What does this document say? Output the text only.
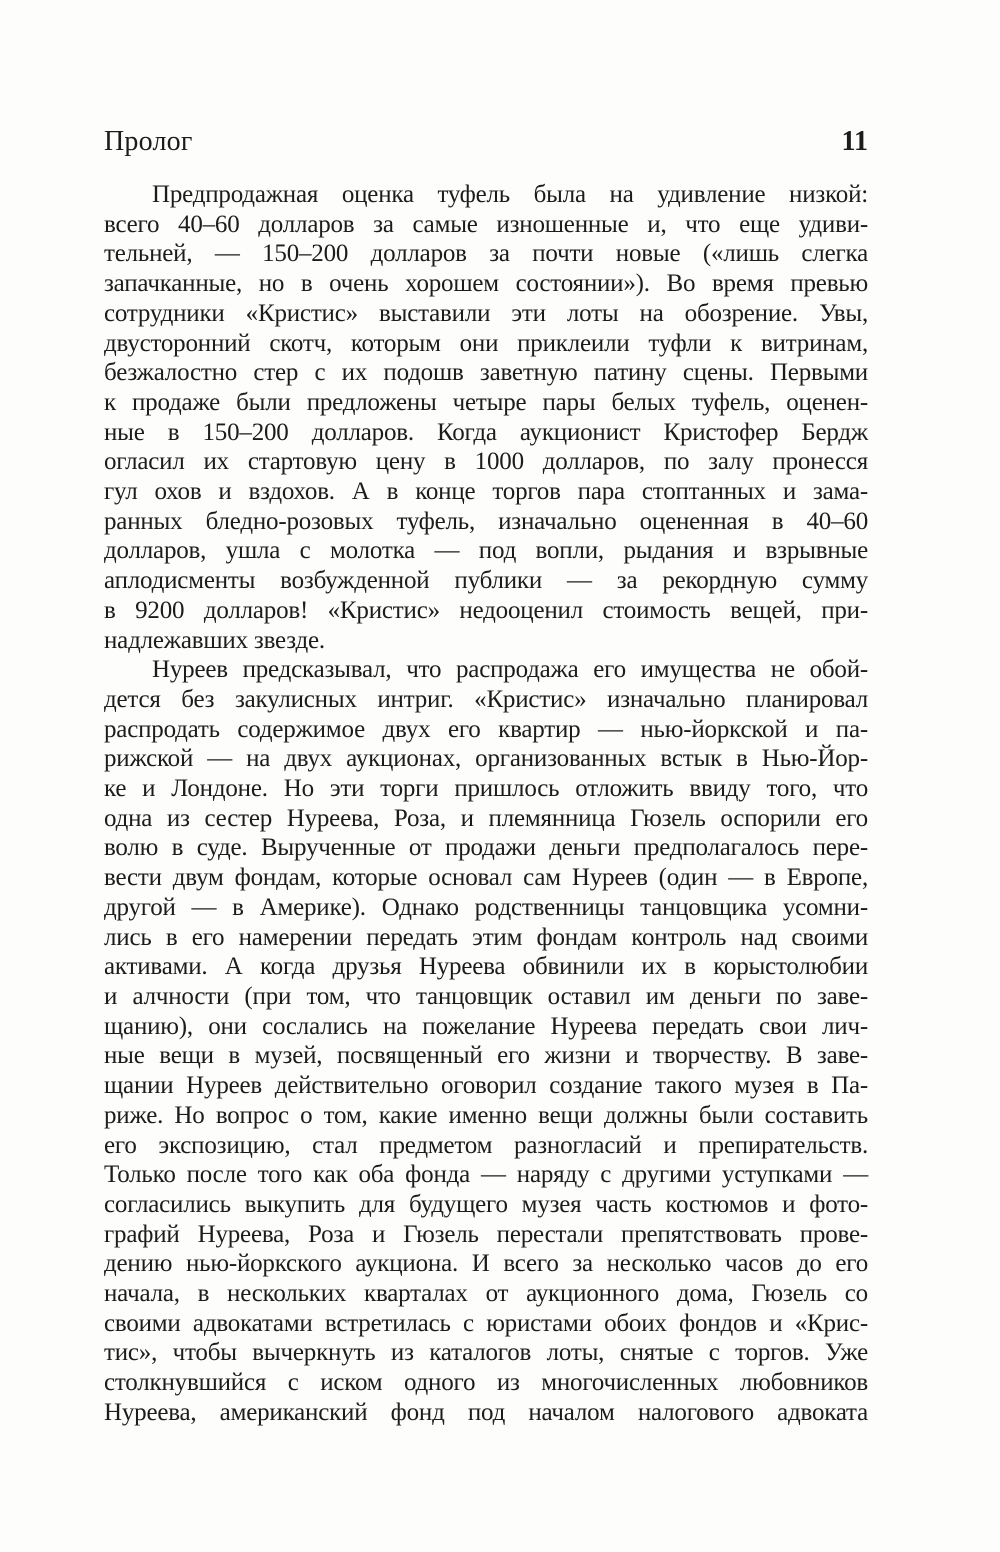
Пролог	11
Предпродажная оценка туфель была на удивление низкой:
всего 40–60 долларов за самые изношенные и, что еще удиви-
тельней, — 150–200 долларов за почти новые («лишь слегка
запачканные, но в очень хорошем состоянии»). Во время превью
сотрудники «Кристис» выставили эти лоты на обозрение. Увы,
двусторонний скотч, которым они приклеили туфли к витринам,
безжалостно стер с их подошв заветную патину сцены. Первыми
к продаже были предложены четыре пары белых туфель, оценен-
ные в 150–200 долларов. Когда аукционист Кристофер Бердж
огласил их стартовую цену в 1000 долларов, по залу пронесся
гул охов и вздохов. А в конце торгов пара стоптанных и зама-
ранных бледно-розовых туфель, изначально оцененная в 40–60
долларов, ушла с молотка — под вопли, рыдания и взрывные
аплодисменты возбужденной публики — за рекордную сумму
в 9200 долларов! «Кристис» недооценил стоимость вещей, при-
надлежавших звезде.
Нуреев предсказывал, что распродажа его имущества не обой-
дется без закулисных интриг. «Кристис» изначально планировал
распродать содержимое двух его квартир — нью-йоркской и па-
рижской — на двух аукционах, организованных встык в Нью-Йор-
ке и Лондоне. Но эти торги пришлось отложить ввиду того, что
одна из сестер Нуреева, Роза, и племянница Гюзель оспорили его
волю в суде. Вырученные от продажи деньги предполагалось пере-
вести двум фондам, которые основал сам Нуреев (один — в Европе,
другой — в Америке). Однако родственницы танцовщика усомни-
лись в его намерении передать этим фондам контроль над своими
активами. А когда друзья Нуреева обвинили их в корыстолюбии
и алчности (при том, что танцовщик оставил им деньги по заве-
щанию), они сослались на пожелание Нуреева передать свои лич-
ные вещи в музей, посвященный его жизни и творчеству. В заве-
щании Нуреев действительно оговорил создание такого музея в Па-
риже. Но вопрос о том, какие именно вещи должны были составить
его экспозицию, стал предметом разногласий и препирательств.
Только после того как оба фонда — наряду с другими уступками —
согласились выкупить для будущего музея часть костюмов и фото-
графий Нуреева, Роза и Гюзель перестали препятствовать прове-
дению нью-йоркского аукциона. И всего за несколько часов до его
начала, в нескольких кварталах от аукционного дома, Гюзель со
своими адвокатами встретилась с юристами обоих фондов и «Крис-
тис», чтобы вычеркнуть из каталогов лоты, снятые с торгов. Уже
столкнувшийся с иском одного из многочисленных любовников
Нуреева, американский фонд под началом налогового адвоката
